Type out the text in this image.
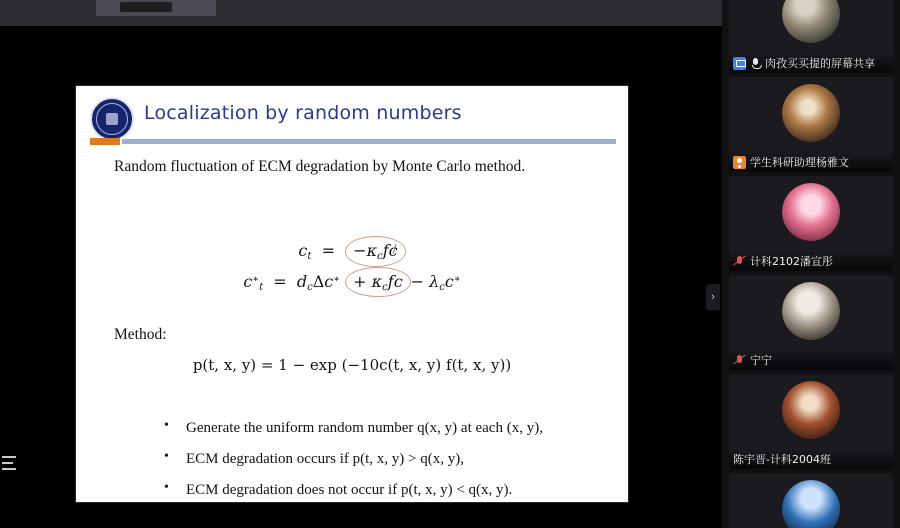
Localization by random numbers
Random fluctuation of ECM degradation by Monte Carlo method.
$c_t = -\kappa_cfc$
$c^∗_t = d_c\Delta c^∗ + \kappa_cfc - \lambda_cc^∗$
Method:
p(t, x, y) = 1 − exp (−10c(t, x, y) f(t, x, y))
• Generate the uniform random number q(x, y) at each (x, y),
• ECM degradation occurs if p(t, x, y) > q(x, y),
• ECM degradation does not occur if p(t, x, y) < q(x, y).
›
肉孜买买提的屏幕共享
学生科研助理杨雅文
计科2102潘宣彤
宁宁
陈宇晋-计科2004班
